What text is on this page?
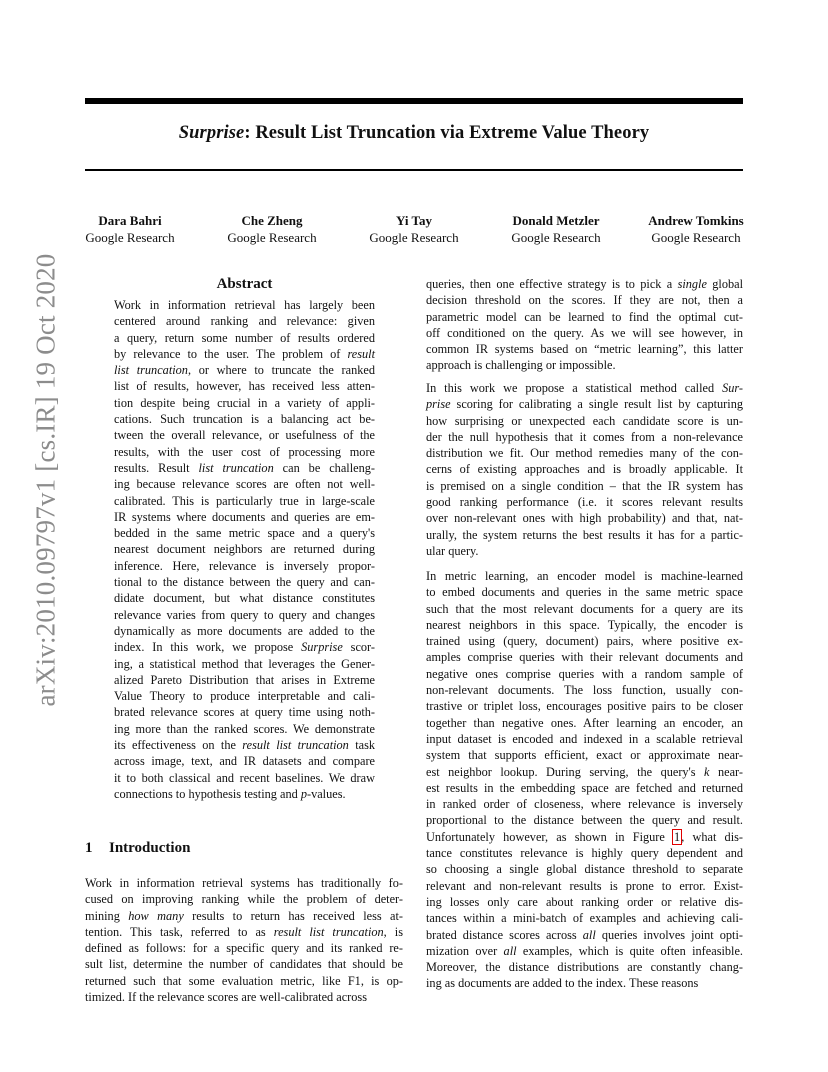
Surprise: Result List Truncation via Extreme Value Theory
Dara Bahri
Google Research
Che Zheng
Google Research
Yi Tay
Google Research
Donald Metzler
Google Research
Andrew Tomkins
Google Research
arXiv:2010.09797v1 [cs.IR] 19 Oct 2020	Abstract
Work in information retrieval has largely been
centered around ranking and relevance: given
a query, return some number of results ordered
by relevance to the user. The problem of result
list truncation, or where to truncate the ranked
list of results, however, has received less atten-
tion despite being crucial in a variety of appli-
cations. Such truncation is a balancing act be-
tween the overall relevance, or usefulness of the
results, with the user cost of processing more
results. Result list truncation can be challeng-
ing because relevance scores are often not well-
calibrated. This is particularly true in large-scale
IR systems where documents and queries are em-
bedded in the same metric space and a query's
nearest document neighbors are returned during
inference. Here, relevance is inversely propor-
tional to the distance between the query and can-
didate document, but what distance constitutes
relevance varies from query to query and changes
dynamically as more documents are added to the
index. In this work, we propose Surprise scor-
ing, a statistical method that leverages the Gener-
alized Pareto Distribution that arises in Extreme
Value Theory to produce interpretable and cali-
brated relevance scores at query time using noth-
ing more than the ranked scores. We demonstrate
its effectiveness on the result list truncation task
across image, text, and IR datasets and compare
it to both classical and recent baselines. We draw
connections to hypothesis testing and p-values.
1 Introduction
Work in information retrieval systems has traditionally fo-
cused on improving ranking while the problem of deter-
mining how many results to return has received less at-
tention. This task, referred to as result list truncation, is
defined as follows: for a specific query and its ranked re-
sult list, determine the number of candidates that should be
returned such that some evaluation metric, like F1, is op-
timized. If the relevance scores are well-calibrated across
queries, then one effective strategy is to pick a single global
decision threshold on the scores. If they are not, then a
parametric model can be learned to find the optimal cut-
off conditioned on the query. As we will see however, in
common IR systems based on “metric learning”, this latter
approach is challenging or impossible.
In this work we propose a statistical method called Sur-
prise scoring for calibrating a single result list by capturing
how surprising or unexpected each candidate score is un-
der the null hypothesis that it comes from a non-relevance
distribution we fit. Our method remedies many of the con-
cerns of existing approaches and is broadly applicable. It
is premised on a single condition – that the IR system has
good ranking performance (i.e. it scores relevant results
over non-relevant ones with high probability) and that, nat-
urally, the system returns the best results it has for a partic-
ular query.
In metric learning, an encoder model is machine-learned
to embed documents and queries in the same metric space
such that the most relevant documents for a query are its
nearest neighbors in this space. Typically, the encoder is
trained using (query, document) pairs, where positive ex-
amples comprise queries with their relevant documents and
negative ones comprise queries with a random sample of
non-relevant documents. The loss function, usually con-
trastive or triplet loss, encourages positive pairs to be closer
together than negative ones. After learning an encoder, an
input dataset is encoded and indexed in a scalable retrieval
system that supports efficient, exact or approximate near-
est neighbor lookup. During serving, the query's k near-
est results in the embedding space are fetched and returned
in ranked order of closeness, where relevance is inversely
proportional to the distance between the query and result.
Unfortunately however, as shown in Figure 1, what dis-
tance constitutes relevance is highly query dependent and
so choosing a single global distance threshold to separate
relevant and non-relevant results is prone to error. Exist-
ing losses only care about ranking order or relative dis-
tances within a mini-batch of examples and achieving cali-
brated distance scores across all queries involves joint opti-
mization over all examples, which is quite often infeasible.
Moreover, the distance distributions are constantly chang-
ing as documents are added to the index. These reasons
